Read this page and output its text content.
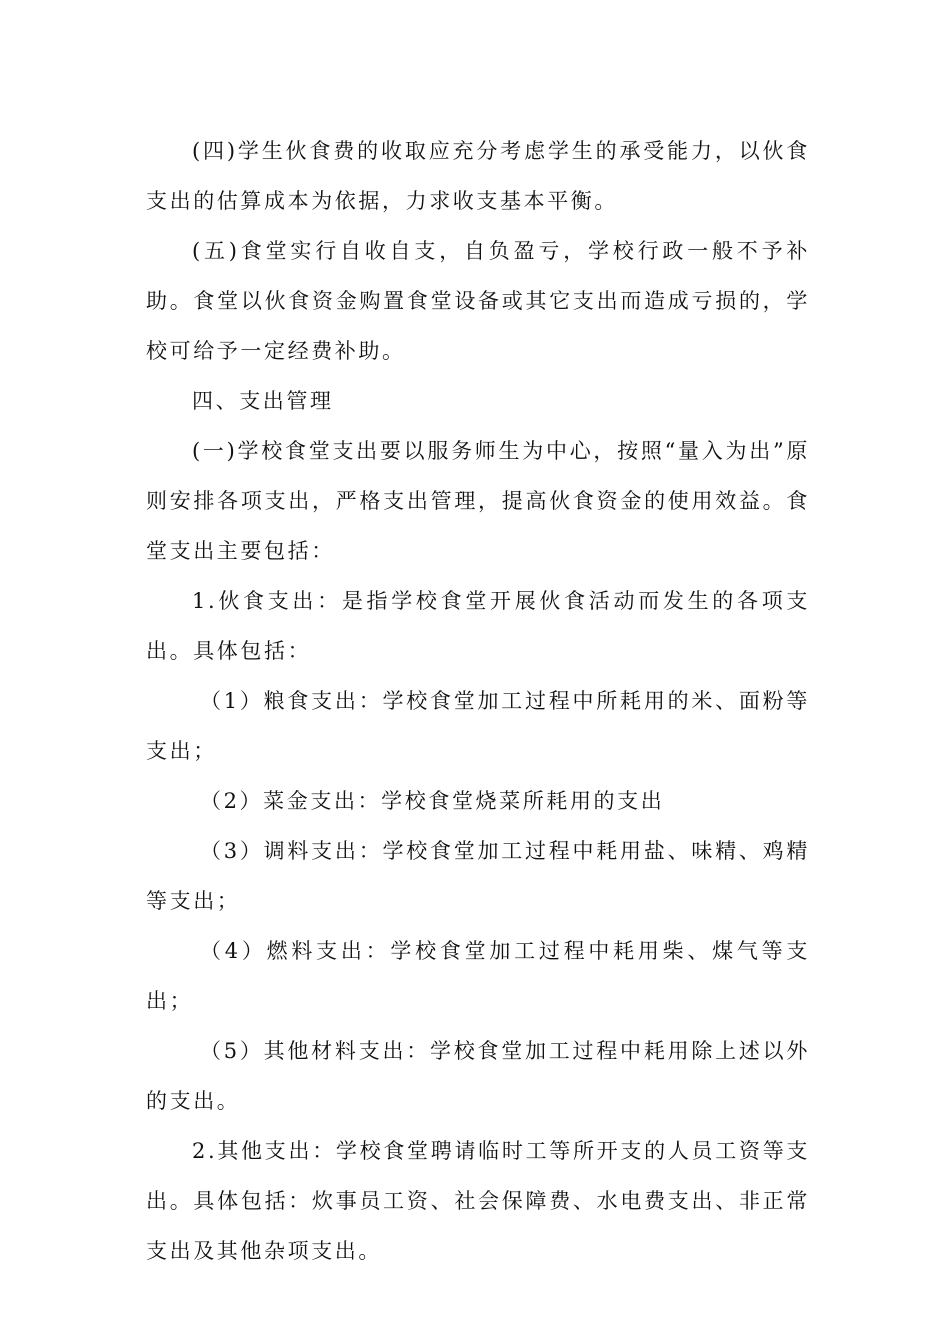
(四)学生伙食费的收取应充分考虑学生的承受能力，以伙食支出的估算成本为依据，力求收支基本平衡。

(五)食堂实行自收自支，自负盈亏，学校行政一般不予补助。食堂以伙食资金购置食堂设备或其它支出而造成亏损的，学校可给予一定经费补助。

四、支出管理

(一)学校食堂支出要以服务师生为中心，按照“量入为出”原则安排各项支出，严格支出管理，提高伙食资金的使用效益。食堂支出主要包括：

1.伙食支出：是指学校食堂开展伙食活动而发生的各项支出。具体包括：

（1）粮食支出：学校食堂加工过程中所耗用的米、面粉等支出；

（2）菜金支出：学校食堂烧菜所耗用的支出

（3）调料支出：学校食堂加工过程中耗用盐、味精、鸡精等支出；

（4）燃料支出：学校食堂加工过程中耗用柴、煤气等支出；

（5）其他材料支出：学校食堂加工过程中耗用除上述以外的支出。

2.其他支出：学校食堂聘请临时工等所开支的人员工资等支出。具体包括：炊事员工资、社会保障费、水电费支出、非正常支出及其他杂项支出。
